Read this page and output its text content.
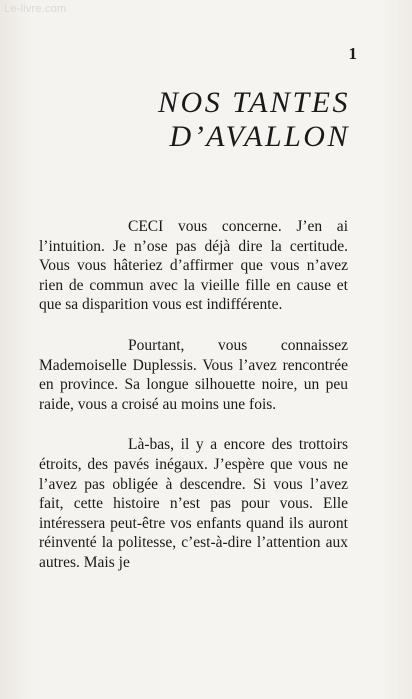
Le-livre.com
1
NOS TANTES
D’AVALLON

CECI vous concerne. J’en ai l’intuition. Je n’ose pas déjà dire la certitude. Vous vous hâteriez d’affirmer que vous n’avez rien de commun avec la vieille fille en cause et que sa disparition vous est indifférente.

Pourtant, vous connaissez Mademoiselle Duplessis. Vous l’avez rencontrée en province. Sa longue silhouette noire, un peu raide, vous a croisé au moins une fois.

Là-bas, il y a encore des trottoirs étroits, des pavés inégaux. J’espère que vous ne l’avez pas obligée à descendre. Si vous l’avez fait, cette histoire n’est pas pour vous. Elle intéressera peut-être vos enfants quand ils auront réinventé la politesse, c’est-à-dire l’attention aux autres. Mais je
